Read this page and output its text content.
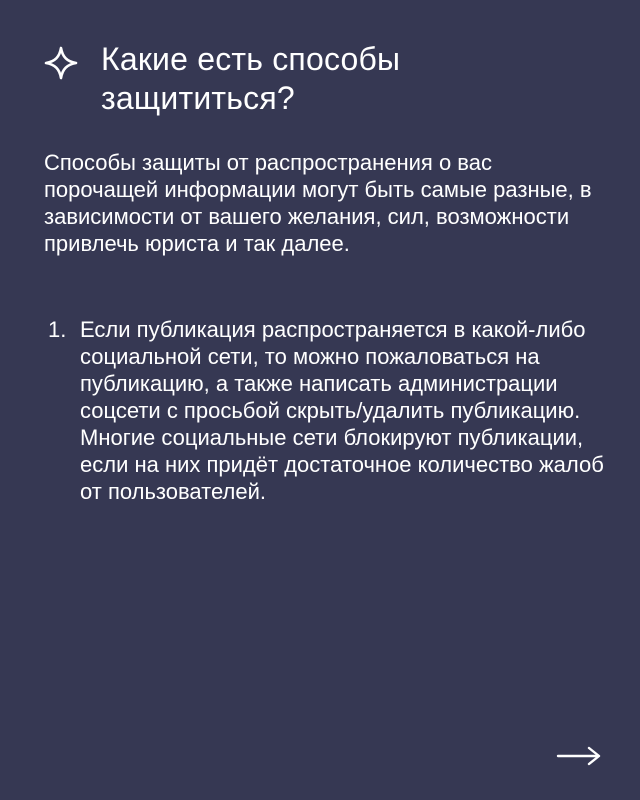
Какие есть способы защититься?

Способы защиты от распространения о вас порочащей информации могут быть самые разные, в зависимости от вашего желания, сил, возможности привлечь юриста и так далее.

1. Если публикация распространяется в какой-либо социальной сети, то можно пожаловаться на публикацию, а также написать администрации соцсети с просьбой скрыть/удалить публикацию. Многие социальные сети блокируют публикации, если на них придёт достаточное количество жалоб от пользователей.
